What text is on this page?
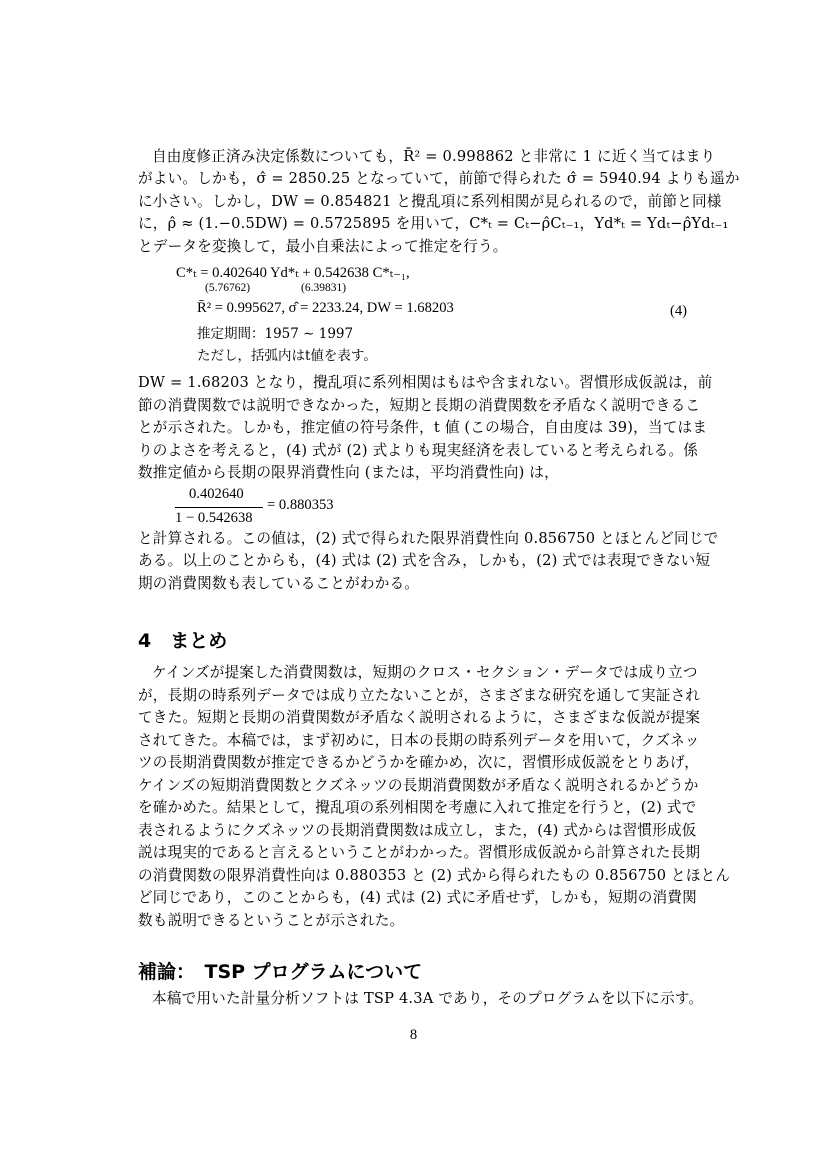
自由度修正済み決定係数についても，R̄² = 0.998862 と非常に 1 に近く当てはまり
がよい。しかも，σ̂ = 2850.25 となっていて，前節で得られた σ̂ = 5940.94 よりも遥か
に小さい。しかし，DW = 0.854821 と攪乱項に系列相関が見られるので，前節と同様
に，ρ̂ ≈ (1.−0.5DW) = 0.5725895 を用いて，C*ₜ = Cₜ−ρ̂Cₜ₋₁，Yd*ₜ = Ydₜ−ρ̂Ydₜ₋₁
とデータを変換して，最小自乗法によって推定を行う。
C*ₜ = 0.402640 Yd*ₜ + 0.542638 C*ₜ₋₁,
(5.76762)	(6.39831)
R̄² = 0.995627, σ̂ = 2233.24, DW = 1.68203	(4)
推定期間：1957 ∼ 1997
ただし，括弧内はt値を表す。
DW = 1.68203 となり，攪乱項に系列相関はもはや含まれない。習慣形成仮説は，前
節の消費関数では説明できなかった，短期と長期の消費関数を矛盾なく説明できるこ
とが示された。しかも，推定値の符号条件，t 値 (この場合，自由度は 39)，当てはま
りのよさを考えると，(4) 式が (2) 式よりも現実経済を表していると考えられる。係
数推定値から長期の限界消費性向 (または，平均消費性向) は，
0.402640
1 − 0.542638
= 0.880353
と計算される。この値は，(2) 式で得られた限界消費性向 0.856750 とほとんど同じで
ある。以上のことからも，(4) 式は (2) 式を含み，しかも，(2) 式では表現できない短
期の消費関数も表していることがわかる。
4　まとめ
ケインズが提案した消費関数は，短期のクロス・セクション・データでは成り立つ
が，長期の時系列データでは成り立たないことが，さまざまな研究を通して実証され
てきた。短期と長期の消費関数が矛盾なく説明されるように，さまざまな仮説が提案
されてきた。本稿では，まず初めに，日本の長期の時系列データを用いて，クズネッ
ツの長期消費関数が推定できるかどうかを確かめ，次に，習慣形成仮説をとりあげ，
ケインズの短期消費関数とクズネッツの長期消費関数が矛盾なく説明されるかどうか
を確かめた。結果として，攪乱項の系列相関を考慮に入れて推定を行うと，(2) 式で
表されるようにクズネッツの長期消費関数は成立し，また，(4) 式からは習慣形成仮
説は現実的であると言えるということがわかった。習慣形成仮説から計算された長期
の消費関数の限界消費性向は 0.880353 と (2) 式から得られたもの 0.856750 とほとん
ど同じであり，このことからも，(4) 式は (2) 式に矛盾せず，しかも，短期の消費関
数も説明できるということが示された。
補論：　TSP プログラムについて
本稿で用いた計量分析ソフトは TSP 4.3A であり，そのプログラムを以下に示す。
8
